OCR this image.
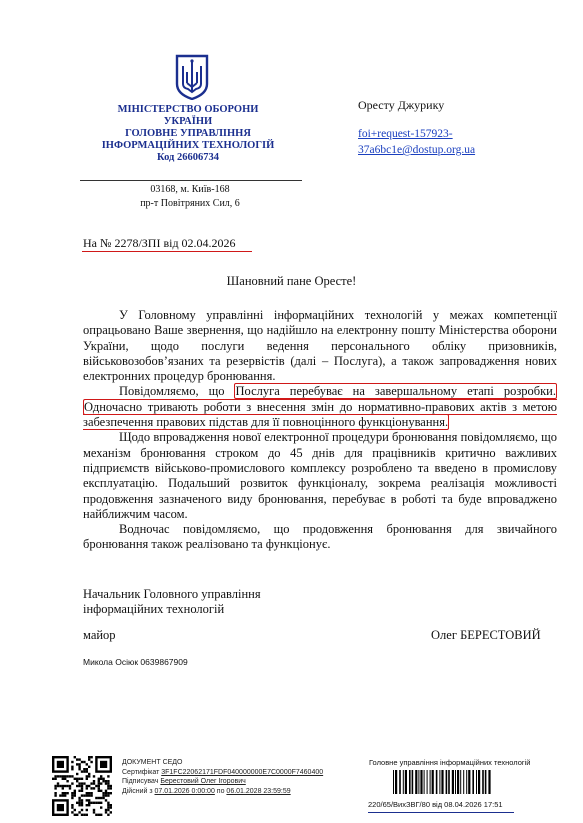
МІНІСТЕРСТВО ОБОРОНИ
УКРАЇНИ
ГОЛОВНЕ УПРАВЛІННЯ
ІНФОРМАЦІЙНИХ ТЕХНОЛОГІЙ
Код 26606734
03168, м. Київ-168
пр-т Повітряних Сил, 6
Oресту Джурику
foi+request-157923-
37a6bc1e@dostup.org.ua
На № 2278/ЗПІ від 02.04.2026
Шановний пане Оресте!

У Головному управлінні інформаційних технологій у межах компетенції опрацьовано Ваше звернення, що надійшло на електронну пошту Міністерства оборони України, щодо послуги ведення персонального обліку призовників, військовозобов’язаних та резервістів (далі – Послуга), а також запровадження нових електронних процедур бронювання.

Повідомляємо, що Послуга перебуває на завершальному етапі розробки. Одночасно тривають роботи з внесення змін до нормативно-правових актів з метою забезпечення правових підстав для її повноцінного функціонування.

Щодо впровадження нової електронної процедури бронювання повідомляємо, що механізм бронювання строком до 45 днів для працівників критично важливих підприємств військово-промислового комплексу розроблено та введено в промислову експлуатацію. Подальший розвиток функціоналу, зокрема реалізація можливості продовження зазначеного виду бронювання, перебуває в роботі та буде впроваджено найближчим часом.

Водночас повідомляємо, що продовження бронювання для звичайного бронювання також реалізовано та функціонує.

Начальник Головного управління
інформаційних технологій
майор	Олег БЕРЕСТОВИЙ
Микола Осіюк 0639867909
ДОКУМЕНТ СЕДО
Сертифікат 3F1FC22062171FDF040000000E7C0000F7460400
Підписувач Берестовий Олег Ігорович
Дійсний з 07.01.2026 0:00:00 по 06.01.2028 23:59:59
Головне управління інформаційних технологій
220/65/ВихЗВГ/80 від 08.04.2026 17:51
